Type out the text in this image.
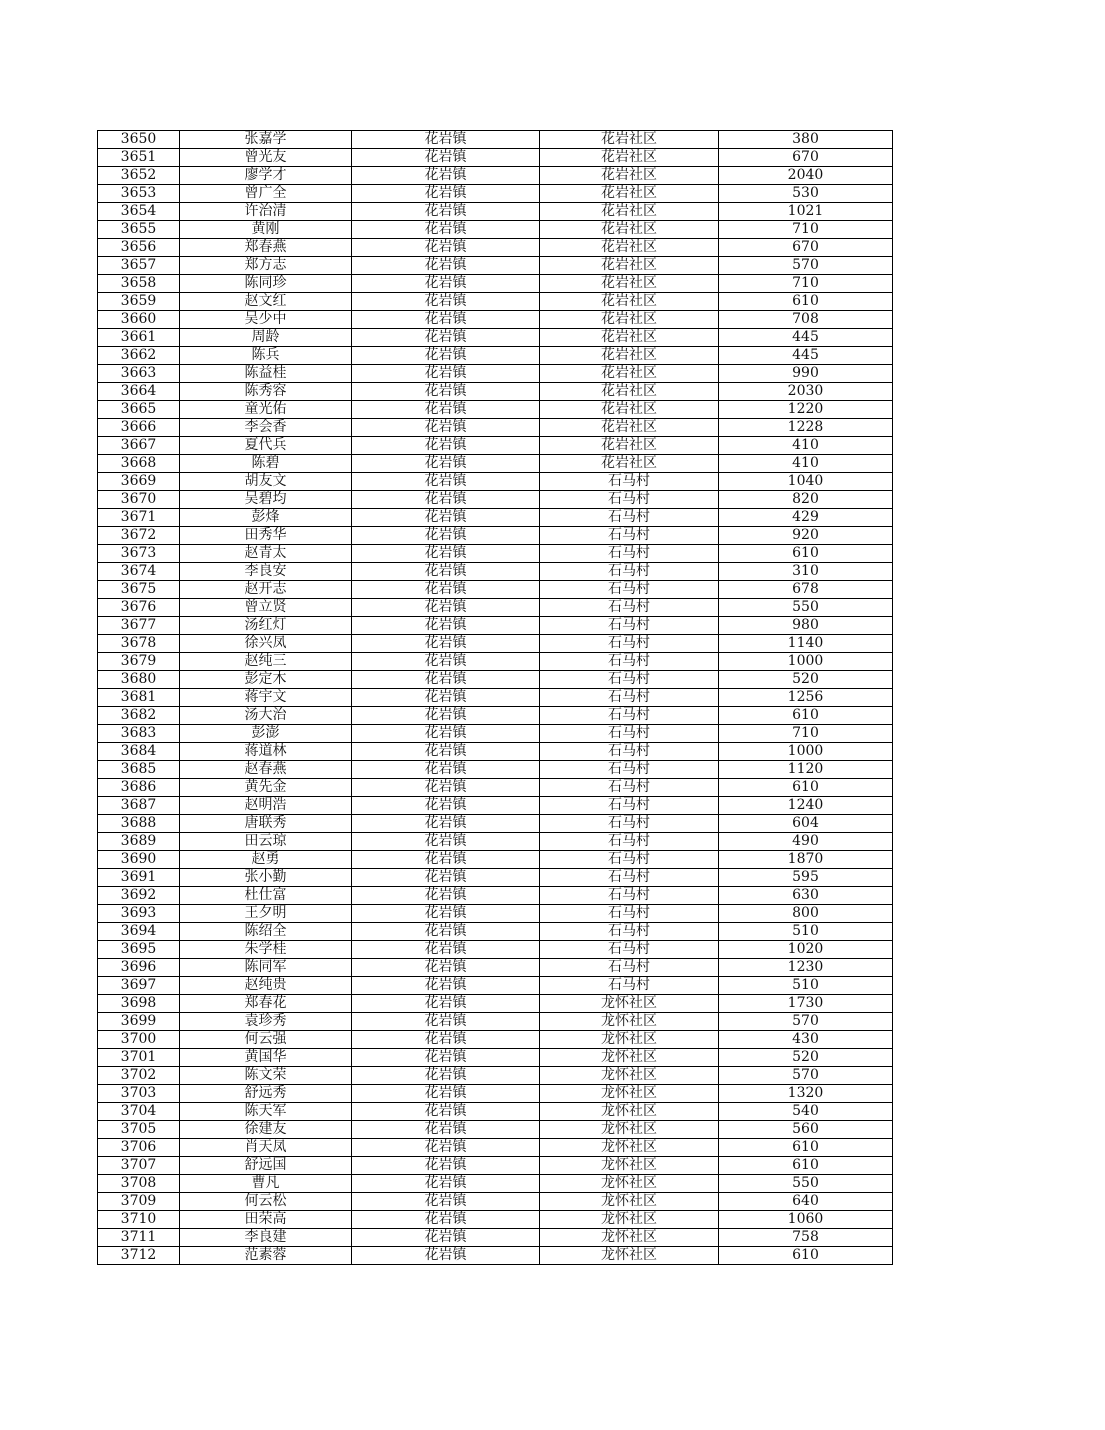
3650	张嘉学	花岩镇	花岩社区	380
3651	曾光友	花岩镇	花岩社区	670
3652	廖学才	花岩镇	花岩社区	2040
3653	曾广全	花岩镇	花岩社区	530
3654	许治清	花岩镇	花岩社区	1021
3655	黄刚	花岩镇	花岩社区	710
3656	郑春燕	花岩镇	花岩社区	670
3657	郑方志	花岩镇	花岩社区	570
3658	陈同珍	花岩镇	花岩社区	710
3659	赵文红	花岩镇	花岩社区	610
3660	吴少中	花岩镇	花岩社区	708
3661	周龄	花岩镇	花岩社区	445
3662	陈兵	花岩镇	花岩社区	445
3663	陈益桂	花岩镇	花岩社区	990
3664	陈秀容	花岩镇	花岩社区	2030
3665	童光佑	花岩镇	花岩社区	1220
3666	李会香	花岩镇	花岩社区	1228
3667	夏代兵	花岩镇	花岩社区	410
3668	陈碧	花岩镇	花岩社区	410
3669	胡友文	花岩镇	石马村	1040
3670	吴碧均	花岩镇	石马村	820
3671	彭烽	花岩镇	石马村	429
3672	田秀华	花岩镇	石马村	920
3673	赵青太	花岩镇	石马村	610
3674	李良安	花岩镇	石马村	310
3675	赵开志	花岩镇	石马村	678
3676	曾立贤	花岩镇	石马村	550
3677	汤红灯	花岩镇	石马村	980
3678	徐兴凤	花岩镇	石马村	1140
3679	赵纯三	花岩镇	石马村	1000
3680	彭定木	花岩镇	石马村	520
3681	蒋宇文	花岩镇	石马村	1256
3682	汤大治	花岩镇	石马村	610
3683	彭澎	花岩镇	石马村	710
3684	蒋道林	花岩镇	石马村	1000
3685	赵春燕	花岩镇	石马村	1120
3686	黄先金	花岩镇	石马村	610
3687	赵明浩	花岩镇	石马村	1240
3688	唐联秀	花岩镇	石马村	604
3689	田云琼	花岩镇	石马村	490
3690	赵勇	花岩镇	石马村	1870
3691	张小勤	花岩镇	石马村	595
3692	杜仕富	花岩镇	石马村	630
3693	王夕明	花岩镇	石马村	800
3694	陈绍全	花岩镇	石马村	510
3695	朱学桂	花岩镇	石马村	1020
3696	陈同军	花岩镇	石马村	1230
3697	赵纯贵	花岩镇	石马村	510
3698	郑春花	花岩镇	龙怀社区	1730
3699	袁珍秀	花岩镇	龙怀社区	570
3700	何云强	花岩镇	龙怀社区	430
3701	黄国华	花岩镇	龙怀社区	520
3702	陈文荣	花岩镇	龙怀社区	570
3703	舒远秀	花岩镇	龙怀社区	1320
3704	陈天军	花岩镇	龙怀社区	540
3705	徐建友	花岩镇	龙怀社区	560
3706	肖天凤	花岩镇	龙怀社区	610
3707	舒远国	花岩镇	龙怀社区	610
3708	曹凡	花岩镇	龙怀社区	550
3709	何云松	花岩镇	龙怀社区	640
3710	田荣高	花岩镇	龙怀社区	1060
3711	李良建	花岩镇	龙怀社区	758
3712	范素蓉	花岩镇	龙怀社区	610
